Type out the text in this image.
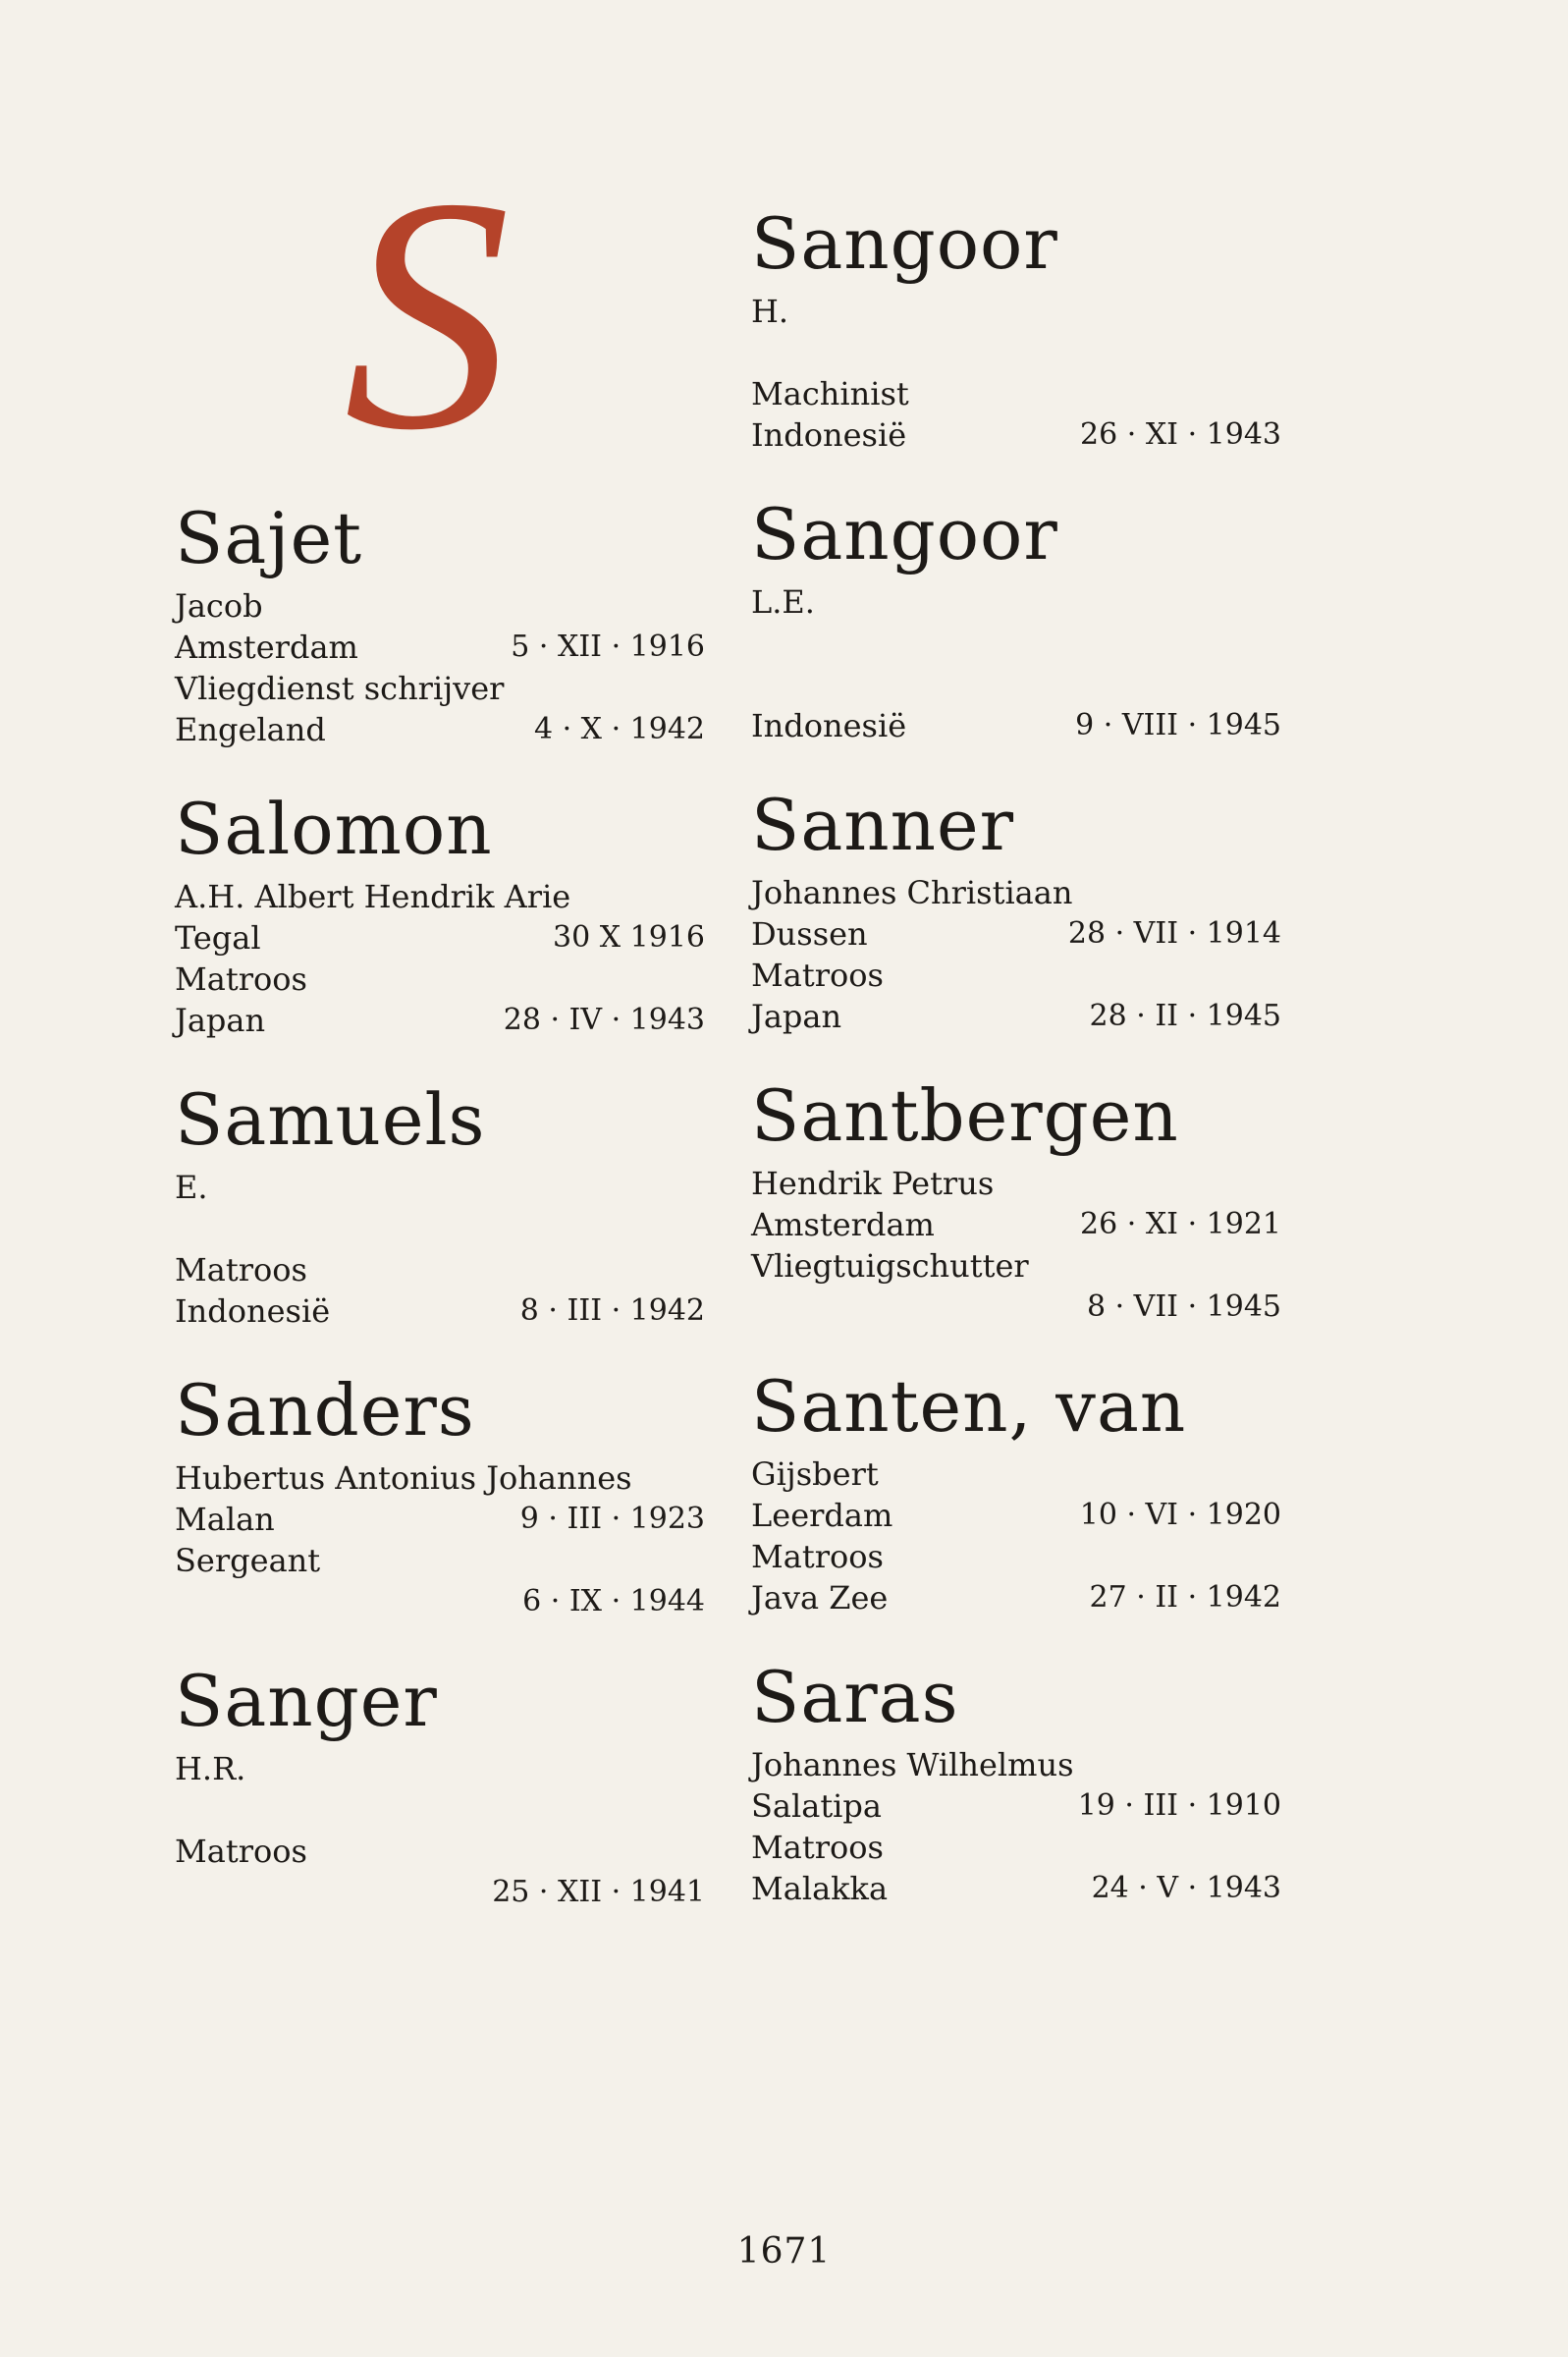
S
Sajet
Jacob
Amsterdam	5 · XII · 1916
Vliegdienst schrijver
Engeland	4 · X · 1942
Salomon
A.H. Albert Hendrik Arie
Tegal	30 X 1916
Matroos
Japan	28 · IV · 1943
Samuels
E.
Matroos
Indonesië	8 · III · 1942
Sanders
Hubertus Antonius Johannes
Malan	9 · III · 1923
Sergeant
6 · IX · 1944
Sanger
H.R.
Matroos
25 · XII · 1941
Sangoor
H.
Machinist
Indonesië	26 · XI · 1943
Sangoor
L.E.
Indonesië	9 · VIII · 1945
Sanner
Johannes Christiaan
Dussen	28 · VII · 1914
Matroos
Japan	28 · II · 1945
Santbergen
Hendrik Petrus
Amsterdam	26 · XI · 1921
Vliegtuigschutter
8 · VII · 1945
Santen, van
Gijsbert
Leerdam	10 · VI · 1920
Matroos
Java Zee	27 · II · 1942
Saras
Johannes Wilhelmus
Salatipa	19 · III · 1910
Matroos
Malakka	24 · V · 1943
1671
